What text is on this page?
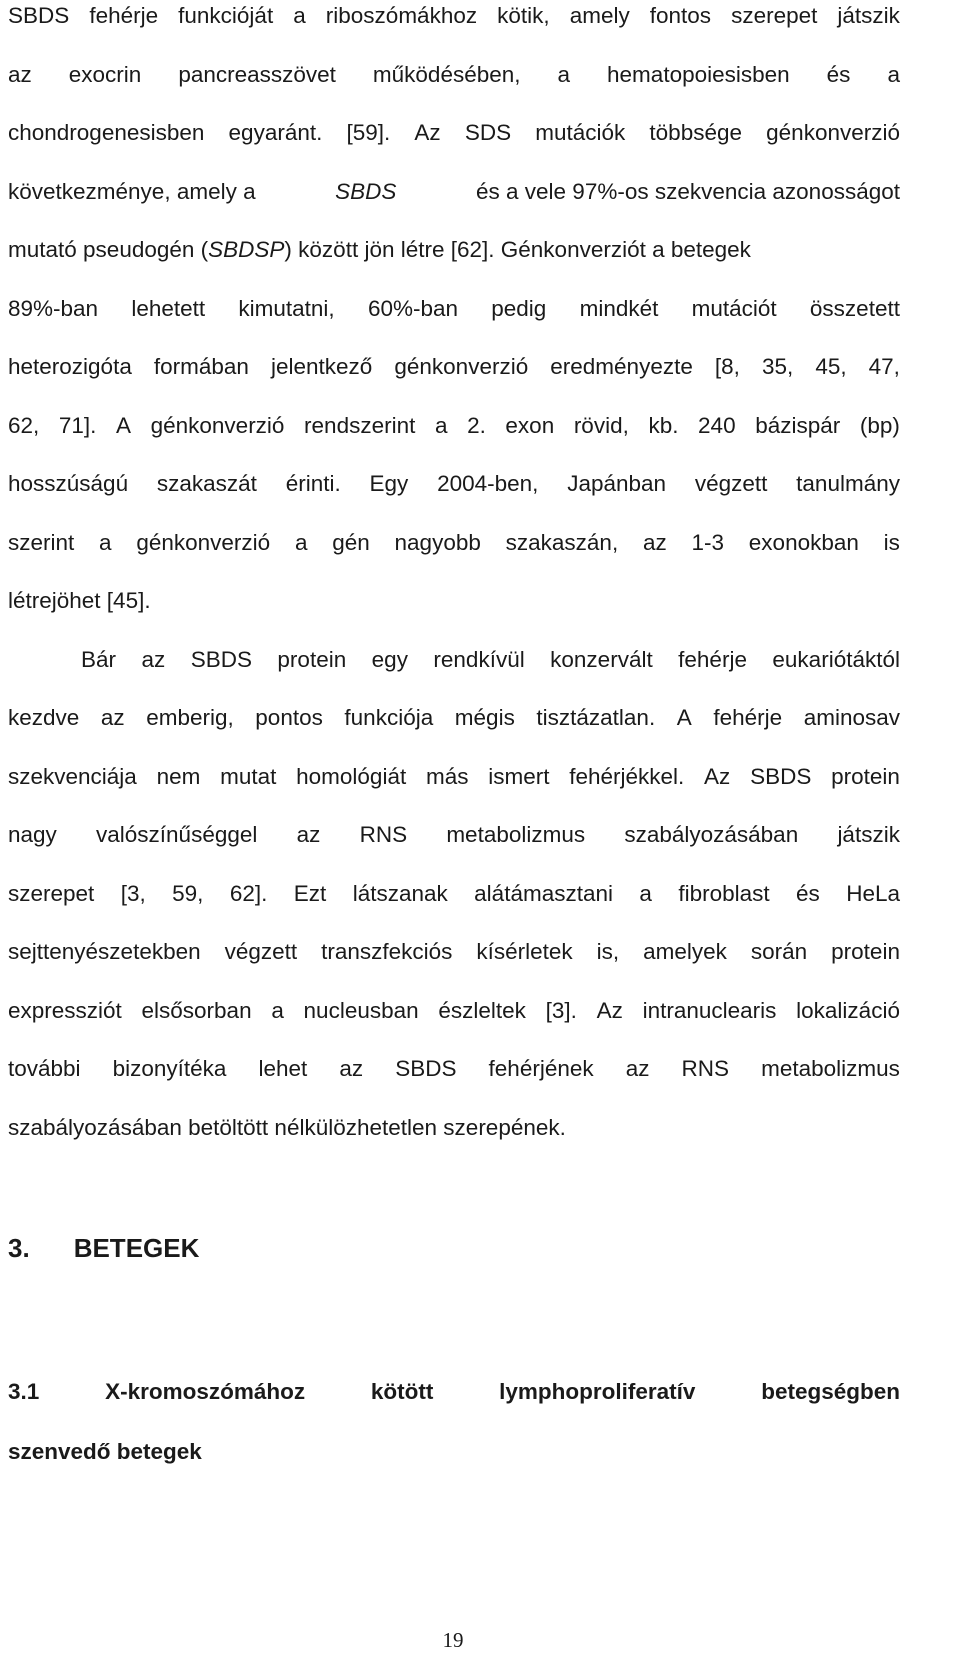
SBDS fehérje funkcióját a riboszómákhoz kötik, amely fontos szerepet játszik
az exocrin pancreasszövet működésében, a hematopoiesisben és a
chondrogenesisben egyaránt. [59]. Az SDS mutációk többsége génkonverzió
következménye, amely a	SBDS	és a vele 97%-os szekvencia azonosságot
mutató pseudogén (SBDSP) között jön létre [62]. Génkonverziót a betegek
89%-ban lehetett kimutatni, 60%-ban pedig mindkét mutációt összetett
heterozigóta formában jelentkező génkonverzió eredményezte [8, 35, 45, 47,
62, 71]. A génkonverzió rendszerint a 2. exon rövid, kb. 240 bázispár (bp)
hosszúságú szakaszát érinti. Egy 2004-ben, Japánban végzett tanulmány
szerint a génkonverzió a gén nagyobb szakaszán, az 1-3 exonokban is
létrejöhet [45].
Bár az SBDS protein egy rendkívül konzervált fehérje eukariótáktól
kezdve az emberig, pontos funkciója mégis tisztázatlan. A fehérje aminosav
szekvenciája nem mutat homológiát más ismert fehérjékkel. Az SBDS protein
nagy valószínűséggel az RNS metabolizmus szabályozásában játszik
szerepet [3, 59, 62]. Ezt látszanak alátámasztani a fibroblast és HeLa
sejttenyészetekben végzett transzfekciós kísérletek is, amelyek során protein
expressziót elsősorban a nucleusban észleltek [3]. Az intranuclearis lokalizáció
további bizonyítéka lehet az SBDS fehérjének az RNS metabolizmus
szabályozásában betöltött nélkülözhetetlen szerepének.
3. BETEGEK
3.1	X-kromoszómához	kötött	lymphoproliferatív	betegségben
szenvedő betegek
19
